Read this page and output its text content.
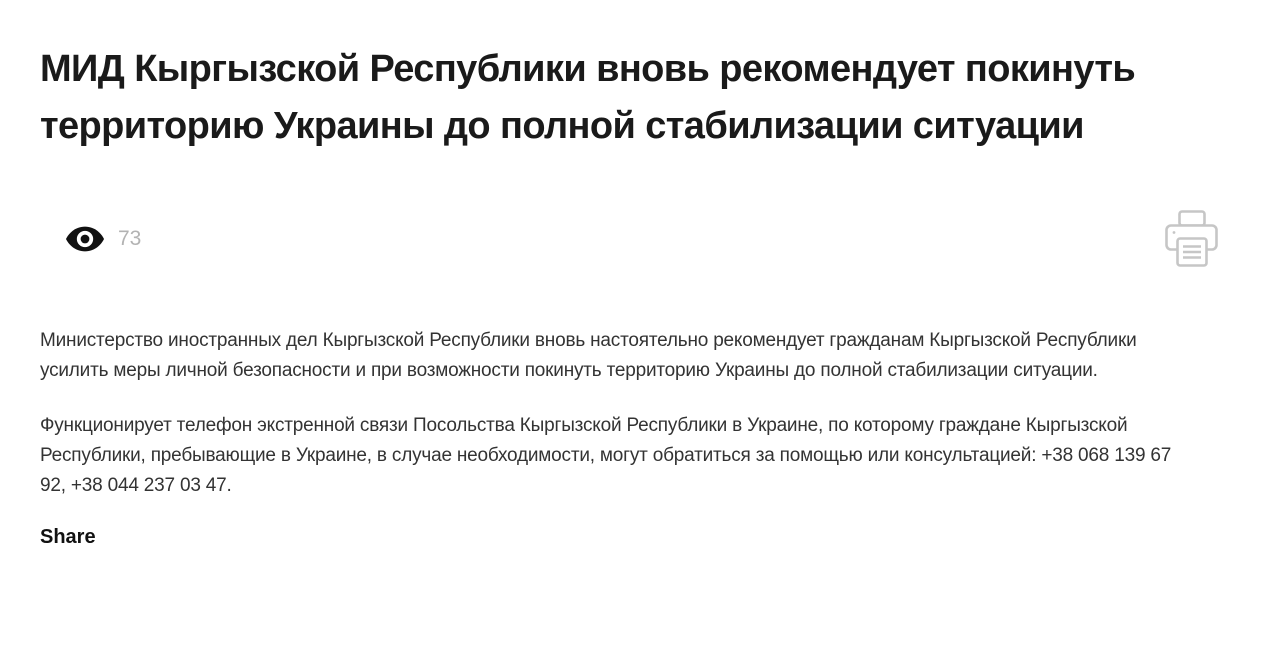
МИД Кыргызской Республики вновь рекомендует покинуть территорию Украины до полной стабилизации ситуации
73

Министерство иностранных дел Кыргызской Республики вновь настоятельно рекомендует гражданам Кыргызской Республики усилить меры личной безопасности и при возможности покинуть территорию Украины до полной стабилизации ситуации.

Функционирует телефон экстренной связи Посольства Кыргызской Республики в Украине, по которому граждане Кыргызской Республики, пребывающие в Украине, в случае необходимости, могут обратиться за помощью или консультацией: +38 068 139 67 92, +38 044 237 03 47.

Share
